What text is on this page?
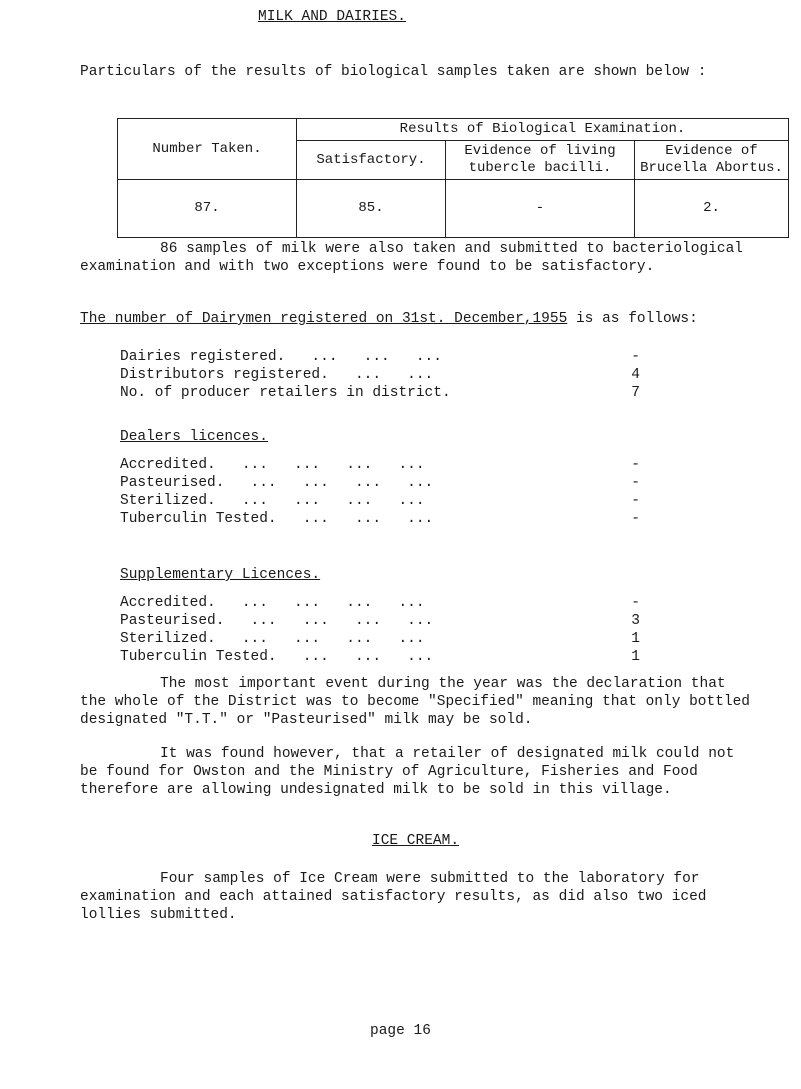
MILK AND DAIRIES.
Particulars of the results of biological samples taken are shown below :
Number Taken.	Results of Biological Examination.		
	Satisfactory.	Evidence of living tubercle bacilli.	Evidence of Brucella Abortus.
87.	85.	-	2.
86 samples of milk were also taken and submitted to bacteriological examination and with two exceptions were found to be satisfactory.
The number of Dairymen registered on 31st. December,1955 is as follows:
Dairies registered.   ...   ...   ...	-
Distributors registered.   ...   ...	4
No. of producer retailers in district.	7
Dealers licences.
Accredited.   ...   ...   ...   ...	-
Pasteurised.   ...   ...   ...   ...	-
Sterilized.   ...   ...   ...   ...	-
Tuberculin Tested.   ...   ...   ...	-
Supplementary Licences.
Accredited.   ...   ...   ...   ...	-
Pasteurised.   ...   ...   ...   ...	3
Sterilized.   ...   ...   ...   ...	1
Tuberculin Tested.   ...   ...   ...	1
The most important event during the year was the declaration that the whole of the District was to become "Specified" meaning that only bottled designated "T.T." or "Pasteurised" milk may be sold.
It was found however, that a retailer of designated milk could not be found for Owston and the Ministry of Agriculture, Fisheries and Food therefore are allowing undesignated milk to be sold in this village.
ICE CREAM.
Four samples of Ice Cream were submitted to the laboratory for examination and each attained satisfactory results, as did also two iced lollies submitted.
page 16
